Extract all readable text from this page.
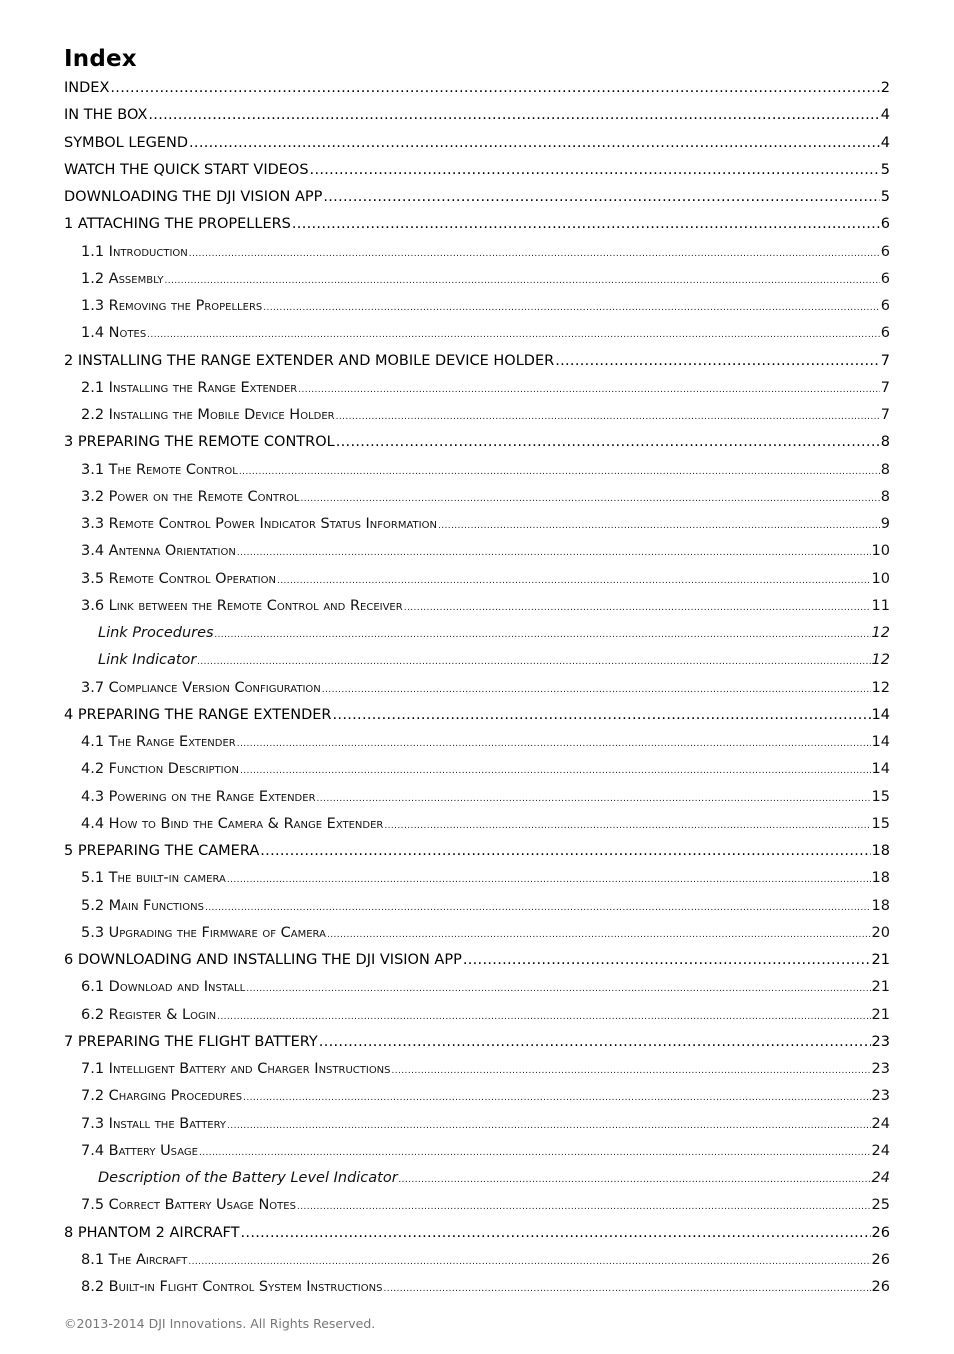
Index
INDEX .....	2
IN THE BOX .....	4
SYMBOL LEGEND .....	4
WATCH THE QUICK START VIDEOS .....	5
DOWNLOADING THE DJI VISION APP .....	5
1 ATTACHING THE PROPELLERS .....	6
1.1 Introduction .....	6
1.2 Assembly .....	6
1.3 Removing the Propellers .....	6
1.4 Notes .....	6
2 INSTALLING THE RANGE EXTENDER AND MOBILE DEVICE HOLDER .....	7
2.1 Installing the Range Extender .....	7
2.2 Installing the Mobile Device Holder .....	7
3 PREPARING THE REMOTE CONTROL .....	8
3.1 The Remote Control .....	8
3.2 Power on the Remote Control .....	8
3.3 Remote Control Power Indicator Status Information .....	9
3.4 Antenna Orientation .....	10
3.5 Remote Control Operation .....	10
3.6 Link between the Remote Control and Receiver .....	11
Link Procedures .....	12
Link Indicator .....	12
3.7 Compliance Version Configuration .....	12
4 PREPARING THE RANGE EXTENDER .....	14
4.1 The Range Extender .....	14
4.2 Function Description .....	14
4.3 Powering on the Range Extender .....	15
4.4 How to Bind the Camera & Range Extender .....	15
5 PREPARING THE CAMERA .....	18
5.1 The built-in camera .....	18
5.2 Main Functions .....	18
5.3 Upgrading the Firmware of Camera .....	20
6 DOWNLOADING AND INSTALLING THE DJI VISION APP .....	21
6.1 Download and Install .....	21
6.2 Register & Login .....	21
7 PREPARING THE FLIGHT BATTERY .....	23
7.1 Intelligent Battery and Charger Instructions .....	23
7.2 Charging Procedures .....	23
7.3 Install the Battery .....	24
7.4 Battery Usage .....	24
Description of the Battery Level Indicator .....	24
7.5 Correct Battery Usage Notes .....	25
8 PHANTOM 2 AIRCRAFT .....	26
8.1 The Aircraft .....	26
8.2 Built-in Flight Control System Instructions .....	26
©2013-2014 DJI Innovations. All Rights Reserved.
